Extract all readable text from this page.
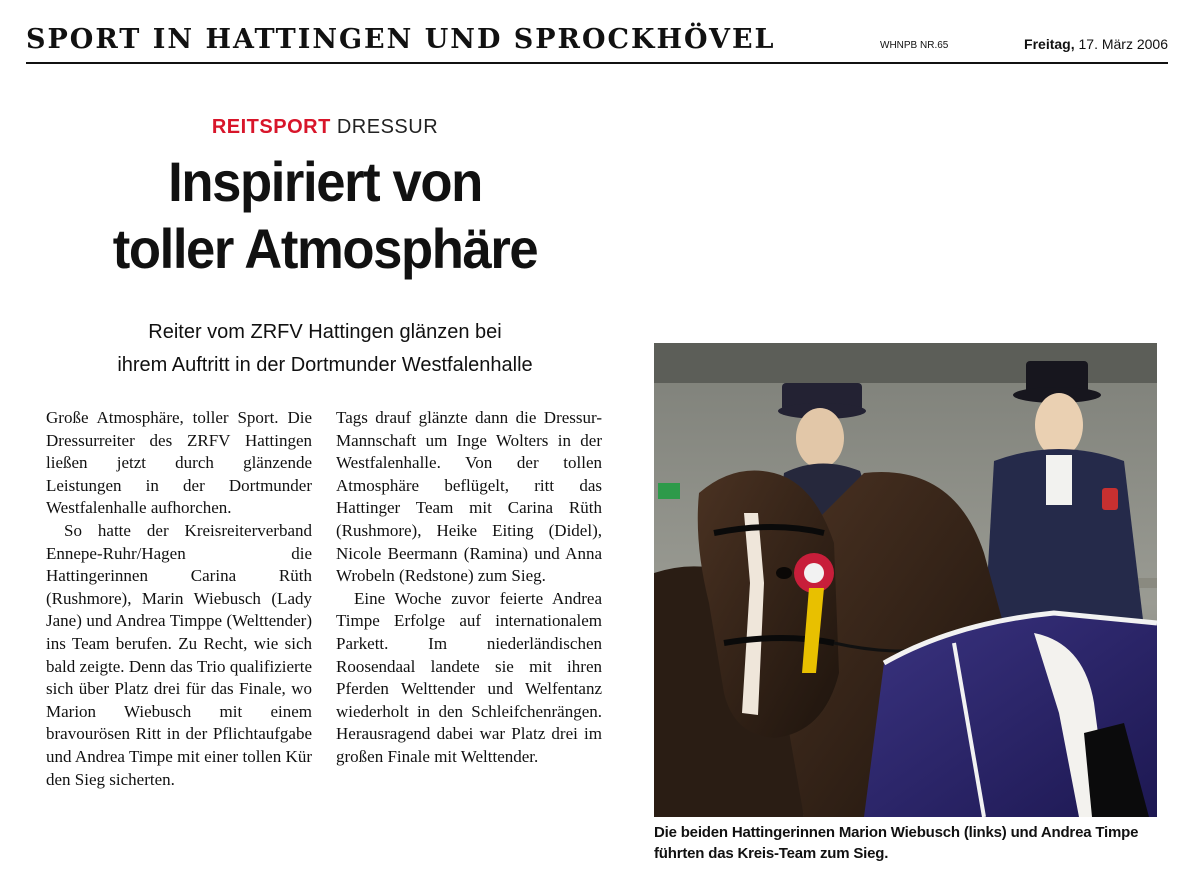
SPORT IN HATTINGEN UND SPROCKHÖVEL	WHNPB NR.65	Freitag, 17. März 2006
REITSPORT DRESSUR
Inspiriert von
toller Atmosphäre
Reiter vom ZRFV Hattingen glänzen bei
ihrem Auftritt in der Dortmunder Westfalenhalle

Große Atmosphäre, toller Sport. Die Dressurreiter des ZRFV Hattingen ließen jetzt durch glänzende Leistungen in der Dortmunder Westfalenhalle aufhorchen.

So hatte der Kreisreiterverband Ennepe-Ruhr/Hagen die Hattingerinnen Carina Rüth (Rushmore), Marin Wiebusch (Lady Jane) und Andrea Timppe (Welttender) ins Team berufen. Zu Recht, wie sich bald zeigte. Denn das Trio qualifizierte sich über Platz drei für das Finale, wo Marion Wiebusch mit einem bravourösen Ritt in der Pflichtaufgabe und Andrea Timpe mit einer tollen Kür den Sieg sicherten.

Tags drauf glänzte dann die Dressur-Mannschaft um Inge Wolters in der Westfalenhalle. Von der tollen Atmosphäre beflügelt, ritt das Hattinger Team mit Carina Rüth (Rushmore), Heike Eiting (Didel), Nicole Beermann (Ramina) und Anna Wrobeln (Redstone) zum Sieg.

Eine Woche zuvor feierte Andrea Timpe Erfolge auf internationalem Parkett. Im niederländischen Roosendaal landete sie mit ihren Pferden Welttender und Welfentanz wiederholt in den Schleifchenrängen. Herausragend dabei war Platz drei im großen Finale mit Welttender.

Die beiden Hattingerinnen Marion Wiebusch (links) und Andrea Timpe führten das Kreis-Team zum Sieg.
